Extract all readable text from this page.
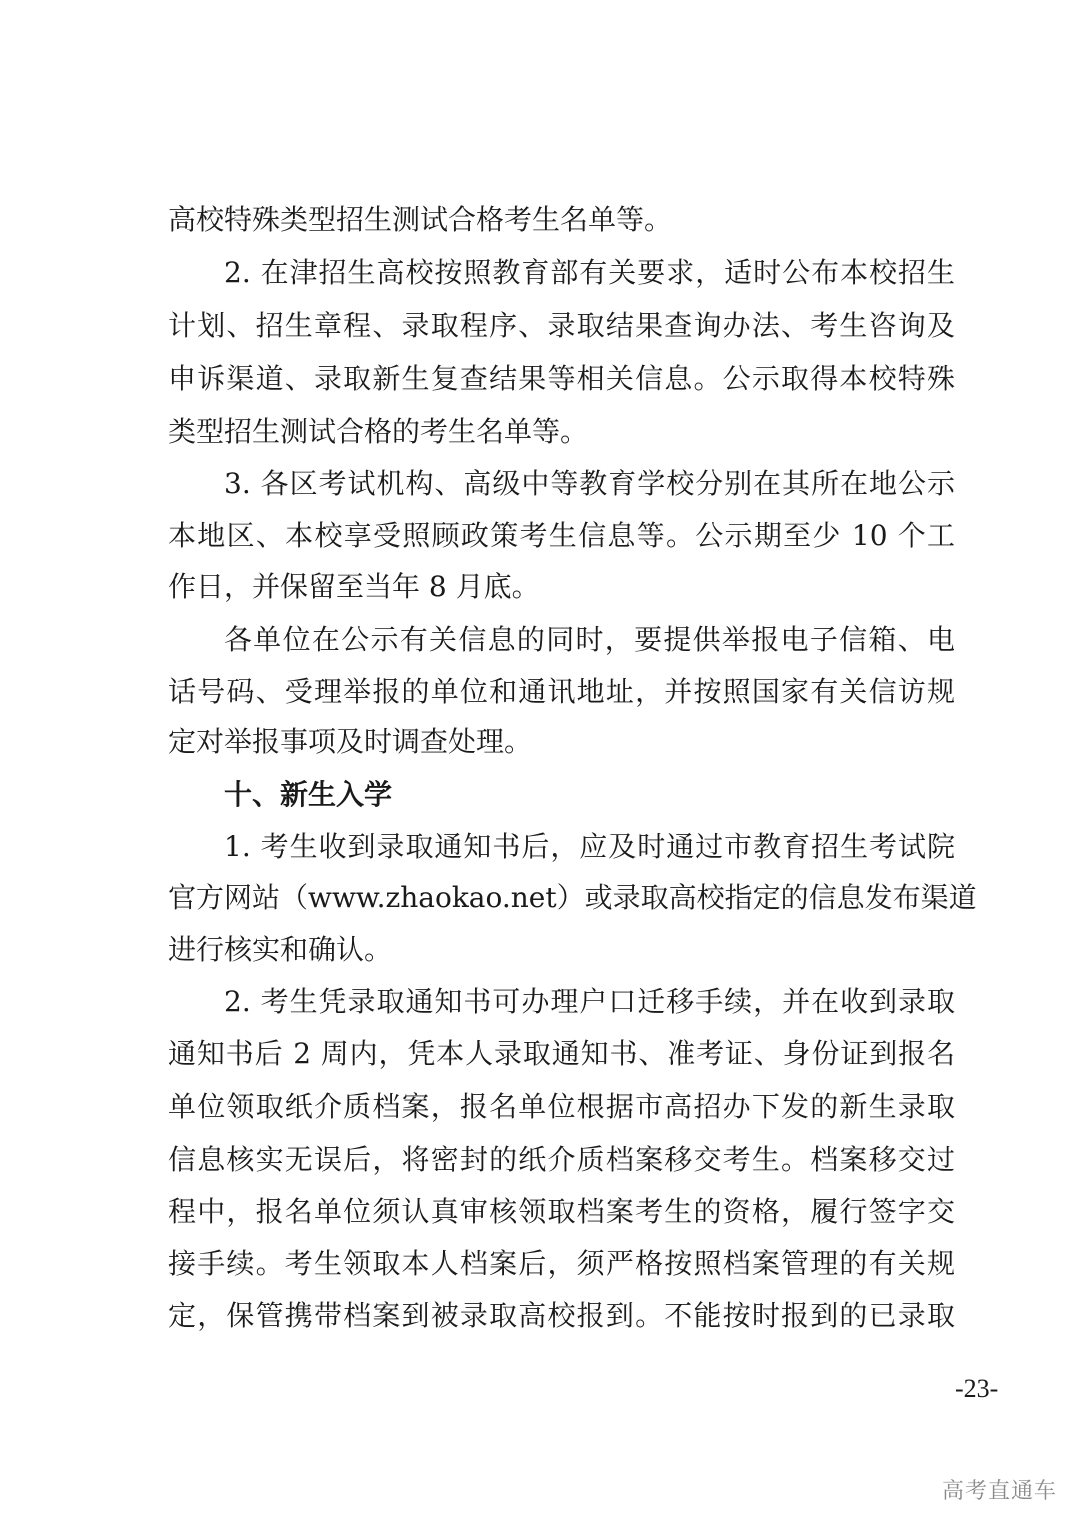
高校特殊类型招生测试合格考生名单等。
2. 在津招生高校按照教育部有关要求，适时公布本校招生
计划、招生章程、录取程序、录取结果查询办法、考生咨询及
申诉渠道、录取新生复查结果等相关信息。公示取得本校特殊
类型招生测试合格的考生名单等。
3. 各区考试机构、高级中等教育学校分别在其所在地公示
本地区、本校享受照顾政策考生信息等。公示期至少 10 个工
作日，并保留至当年 8 月底。
各单位在公示有关信息的同时，要提供举报电子信箱、电
话号码、受理举报的单位和通讯地址，并按照国家有关信访规
定对举报事项及时调查处理。
十、新生入学
1. 考生收到录取通知书后，应及时通过市教育招生考试院
官方网站（www.zhaokao.net）或录取高校指定的信息发布渠道
进行核实和确认。
2. 考生凭录取通知书可办理户口迁移手续，并在收到录取
通知书后 2 周内，凭本人录取通知书、准考证、身份证到报名
单位领取纸介质档案，报名单位根据市高招办下发的新生录取
信息核实无误后，将密封的纸介质档案移交考生。档案移交过
程中，报名单位须认真审核领取档案考生的资格，履行签字交
接手续。考生领取本人档案后，须严格按照档案管理的有关规
定，保管携带档案到被录取高校报到。不能按时报到的已录取
-23-
高考直通车
